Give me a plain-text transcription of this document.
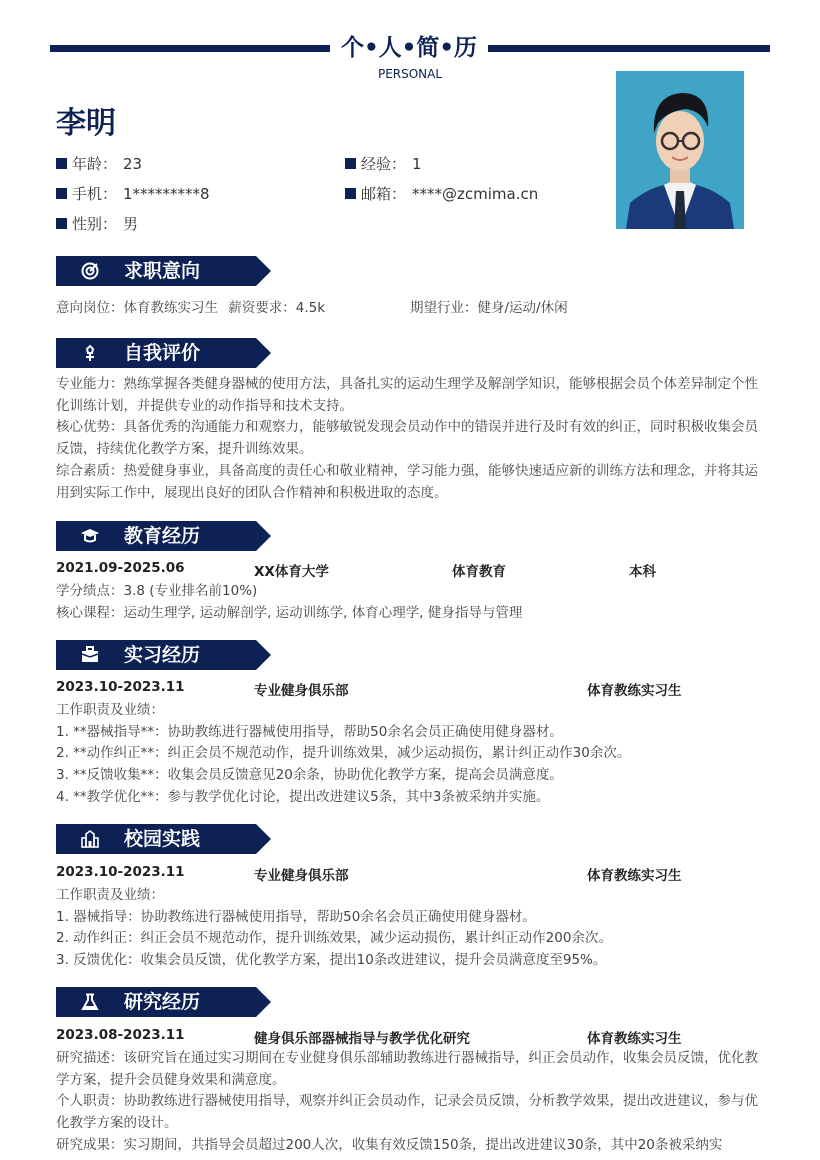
个•人•简•历
PERSONAL
李明
年龄： 23	经验： 1
手机： 1*********8	邮箱： ****@zcmima.cn
性别： 男
求职意向
意向岗位：体育教练实习生 薪资要求：4.5k	期望行业：健身/运动/休闲
自我评价
专业能力：熟练掌握各类健身器械的使用方法，具备扎实的运动生理学及解剖学知识，能够根据会员个体差异制定个性化训练计划，并提供专业的动作指导和技术支持。
核心优势：具备优秀的沟通能力和观察力，能够敏锐发现会员动作中的错误并进行及时有效的纠正，同时积极收集会员反馈，持续优化教学方案，提升训练效果。
综合素质：热爱健身事业，具备高度的责任心和敬业精神，学习能力强，能够快速适应新的训练方法和理念，并将其运用到实际工作中，展现出良好的团队合作精神和积极进取的态度。
教育经历
2021.09-2025.06	XX体育大学	体育教育	本科
学分绩点：3.8 (专业排名前10%)
核心课程：运动生理学, 运动解剖学, 运动训练学, 体育心理学, 健身指导与管理
实习经历
2023.10-2023.11	专业健身俱乐部	体育教练实习生
工作职责及业绩：
1. **器械指导**：协助教练进行器械使用指导，帮助50余名会员正确使用健身器材。
2. **动作纠正**：纠正会员不规范动作，提升训练效果，减少运动损伤，累计纠正动作30余次。
3. **反馈收集**：收集会员反馈意见20余条，协助优化教学方案，提高会员满意度。
4. **教学优化**：参与教学优化讨论，提出改进建议5条，其中3条被采纳并实施。
校园实践
2023.10-2023.11	专业健身俱乐部	体育教练实习生
工作职责及业绩：
1. 器械指导：协助教练进行器械使用指导，帮助50余名会员正确使用健身器材。
2. 动作纠正：纠正会员不规范动作，提升训练效果，减少运动损伤，累计纠正动作200余次。
3. 反馈优化：收集会员反馈，优化教学方案，提出10条改进建议，提升会员满意度至95%。
研究经历
2023.08-2023.11	健身俱乐部器械指导与教学优化研究	体育教练实习生
研究描述：该研究旨在通过实习期间在专业健身俱乐部辅助教练进行器械指导，纠正会员动作，收集会员反馈，优化教学方案，提升会员健身效果和满意度。
个人职责：协助教练进行器械使用指导，观察并纠正会员动作，记录会员反馈，分析教学效果，提出改进建议，参与优化教学方案的设计。
研究成果：实习期间，共指导会员超过200人次，收集有效反馈150条，提出改进建议30条，其中20条被采纳实
